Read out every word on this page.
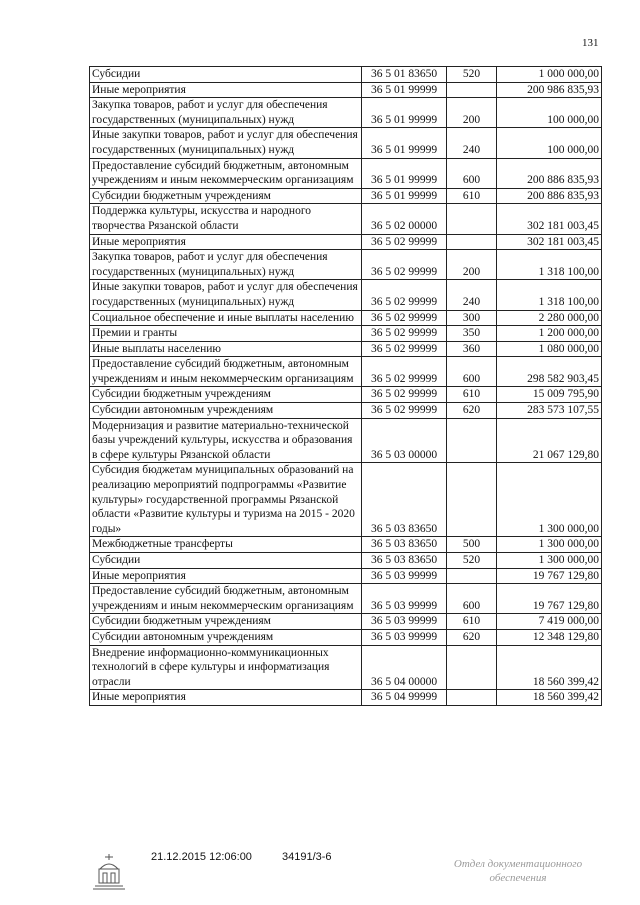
131
Субсидии	36 5 01 83650	520	1 000 000,00
Иные мероприятия	36 5 01 99999		200 986 835,93
Закупка товаров, работ и услуг для обеспечения государственных (муниципальных) нужд	36 5 01 99999	200	100 000,00
Иные закупки товаров, работ и услуг для обеспечения государственных (муниципальных) нужд	36 5 01 99999	240	100 000,00
Предоставление субсидий бюджетным, автономным учреждениям и иным некоммерческим организациям	36 5 01 99999	600	200 886 835,93
Субсидии бюджетным учреждениям	36 5 01 99999	610	200 886 835,93
Поддержка культуры, искусства и народного творчества Рязанской области	36 5 02 00000		302 181 003,45
Иные мероприятия	36 5 02 99999		302 181 003,45
Закупка товаров, работ и услуг для обеспечения государственных (муниципальных) нужд	36 5 02 99999	200	1 318 100,00
Иные закупки товаров, работ и услуг для обеспечения государственных (муниципальных) нужд	36 5 02 99999	240	1 318 100,00
Социальное обеспечение и иные выплаты населению	36 5 02 99999	300	2 280 000,00
Премии и гранты	36 5 02 99999	350	1 200 000,00
Иные выплаты населению	36 5 02 99999	360	1 080 000,00
Предоставление субсидий бюджетным, автономным учреждениям и иным некоммерческим организациям	36 5 02 99999	600	298 582 903,45
Субсидии бюджетным учреждениям	36 5 02 99999	610	15 009 795,90
Субсидии автономным учреждениям	36 5 02 99999	620	283 573 107,55
Модернизация и развитие материально-технической базы учреждений культуры, искусства и образования в сфере культуры Рязанской области	36 5 03 00000		21 067 129,80
Субсидия бюджетам муниципальных образований на реализацию мероприятий подпрограммы «Развитие культуры» государственной программы Рязанской области «Развитие культуры и туризма на 2015 - 2020 годы»	36 5 03 83650		1 300 000,00
Межбюджетные трансферты	36 5 03 83650	500	1 300 000,00
Субсидии	36 5 03 83650	520	1 300 000,00
Иные мероприятия	36 5 03 99999		19 767 129,80
Предоставление субсидий бюджетным, автономным учреждениям и иным некоммерческим организациям	36 5 03 99999	600	19 767 129,80
Субсидии бюджетным учреждениям	36 5 03 99999	610	7 419 000,00
Субсидии автономным учреждениям	36 5 03 99999	620	12 348 129,80
Внедрение информационно-коммуникационных технологий в сфере культуры и информатизация отрасли	36 5 04 00000		18 560 399,42
Иные мероприятия	36 5 04 99999		18 560 399,42
21.12.2015 12:06:00	34191/3-6
Отдел документационного
обеспечения
